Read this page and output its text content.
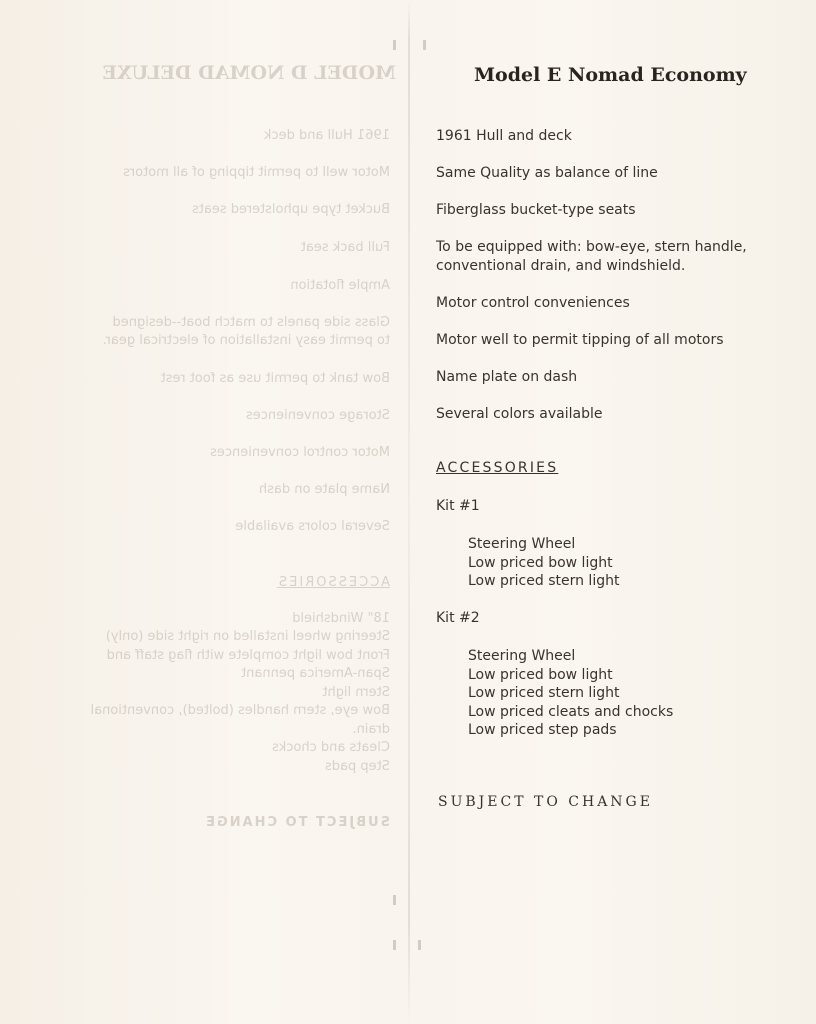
MODEL D NOMAD DELUXE
1961 Hull and deck
Motor well to permit tipping of all motors
Bucket type upholstered seats
Full back seat
Ample flotation
Glass side panels to match boat--designed
to permit easy installation of electrical gear.
Bow tank to permit use as foot rest
Storage conveniences
Motor control conveniences
Name plate on dash
Several colors available
ACCESSORIES
18" Windshield
Steering wheel installed on right side (only)
Front bow light complete with flag staff and
Span-America pennant
Stern light
Bow eye, stern handles (bolted), conventional
drain.
Cleats and chocks
Step pads
SUBJECT TO CHANGE
Model E Nomad Economy
1961 Hull and deck
Same Quality as balance of line
Fiberglass bucket-type seats
To be equipped with: bow-eye, stern handle,
conventional drain, and windshield.
Motor control conveniences
Motor well to permit tipping of all motors
Name plate on dash
Several colors available
ACCESSORIES
Kit #1
Steering Wheel
Low priced bow light
Low priced stern light
Kit #2
Steering Wheel
Low priced bow light
Low priced stern light
Low priced cleats and chocks
Low priced step pads
SUBJECT TO CHANGE
